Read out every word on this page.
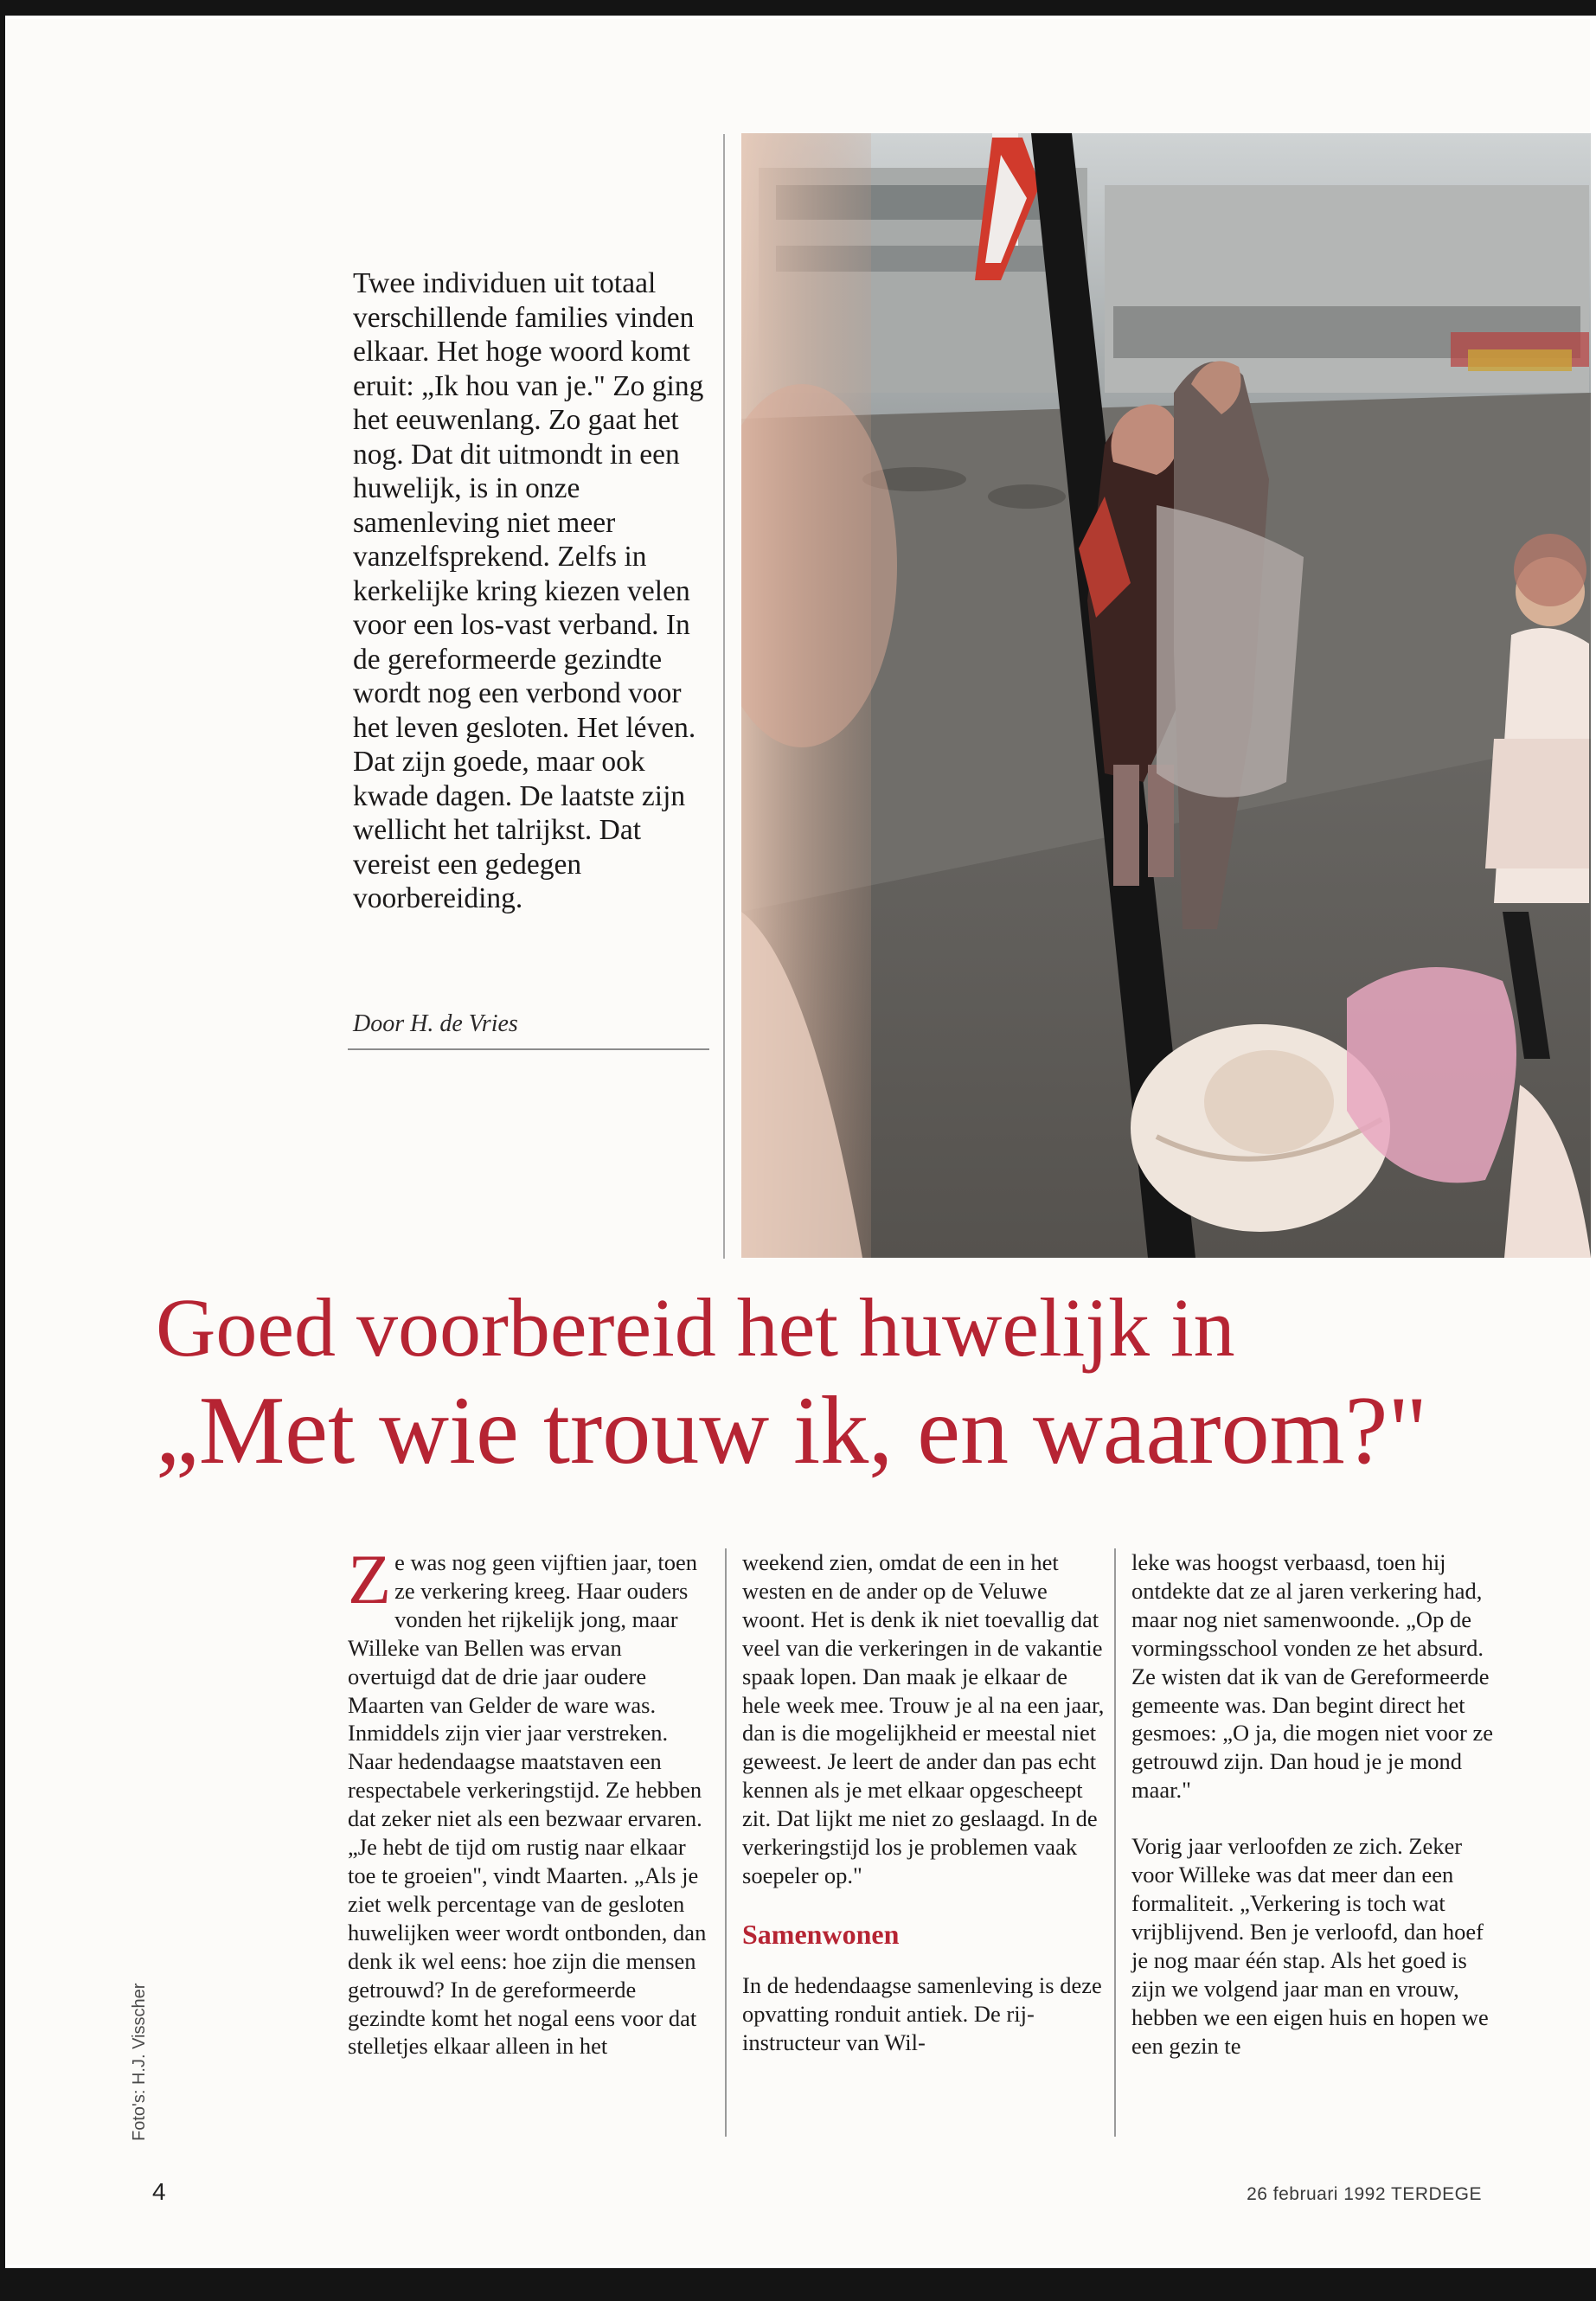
Twee individuen uit totaal verschillende families vinden elkaar. Het hoge woord komt eruit: „Ik hou van je." Zo ging het eeuwenlang. Zo gaat het nog. Dat dit uitmondt in een huwelijk, is in onze samenleving niet meer vanzelfsprekend. Zelfs in kerkelijke kring kiezen velen voor een los-vast verband. In de gereformeerde gezindte wordt nog een verbond voor het leven gesloten. Het léven. Dat zijn goede, maar ook kwade dagen. De laatste zijn wellicht het talrijkst. Dat vereist een gedegen voorbereiding.

Door H. de Vries
Goed voorbereid het huwelijk in
„Met wie trouw ik, en waarom?"

Ze was nog geen vijftien jaar, toen ze verkering kreeg. Haar ouders vonden het rijkelijk jong, maar Willeke van Bellen was ervan overtuigd dat de drie jaar oudere Maarten van Gelder de ware was. Inmiddels zijn vier jaar verstreken. Naar hedendaagse maatstaven een respectabele verkeringstijd. Ze hebben dat zeker niet als een bezwaar ervaren. „Je hebt de tijd om rustig naar elkaar toe te groeien", vindt Maarten. „Als je ziet welk percentage van de gesloten huwelijken weer wordt ontbonden, dan denk ik wel eens: hoe zijn die mensen getrouwd? In de gereformeerde gezindte komt het nogal eens voor dat stelletjes elkaar alleen in het

weekend zien, omdat de een in het westen en de ander op de Veluwe woont. Het is denk ik niet toevallig dat veel van die verkeringen in de vakantie spaak lopen. Dan maak je elkaar de hele week mee. Trouw je al na een jaar, dan is die mogelijkheid er meestal niet geweest. Je leert de ander dan pas echt kennen als je met elkaar opgescheept zit. Dat lijkt me niet zo geslaagd. In de verkeringstijd los je problemen vaak soepeler op."

Samenwonen

In de hedendaagse samenleving is deze opvatting ronduit antiek. De rij-instructeur van Wil-

leke was hoogst verbaasd, toen hij ontdekte dat ze al jaren verkering had, maar nog niet samenwoonde. „Op de vormingsschool vonden ze het absurd. Ze wisten dat ik van de Gereformeerde gemeente was. Dan begint direct het gesmoes: „O ja, die mogen niet voor ze getrouwd zijn. Dan houd je je mond maar."

Vorig jaar verloofden ze zich. Zeker voor Willeke was dat meer dan een formaliteit. „Verkering is toch wat vrijblijvend. Ben je verloofd, dan hoef je nog maar één stap. Als het goed is zijn we volgend jaar man en vrouw, hebben we een eigen huis en hopen we een gezin te

Foto's: H.J. Visscher
4	26 februari 1992 TERDEGE
